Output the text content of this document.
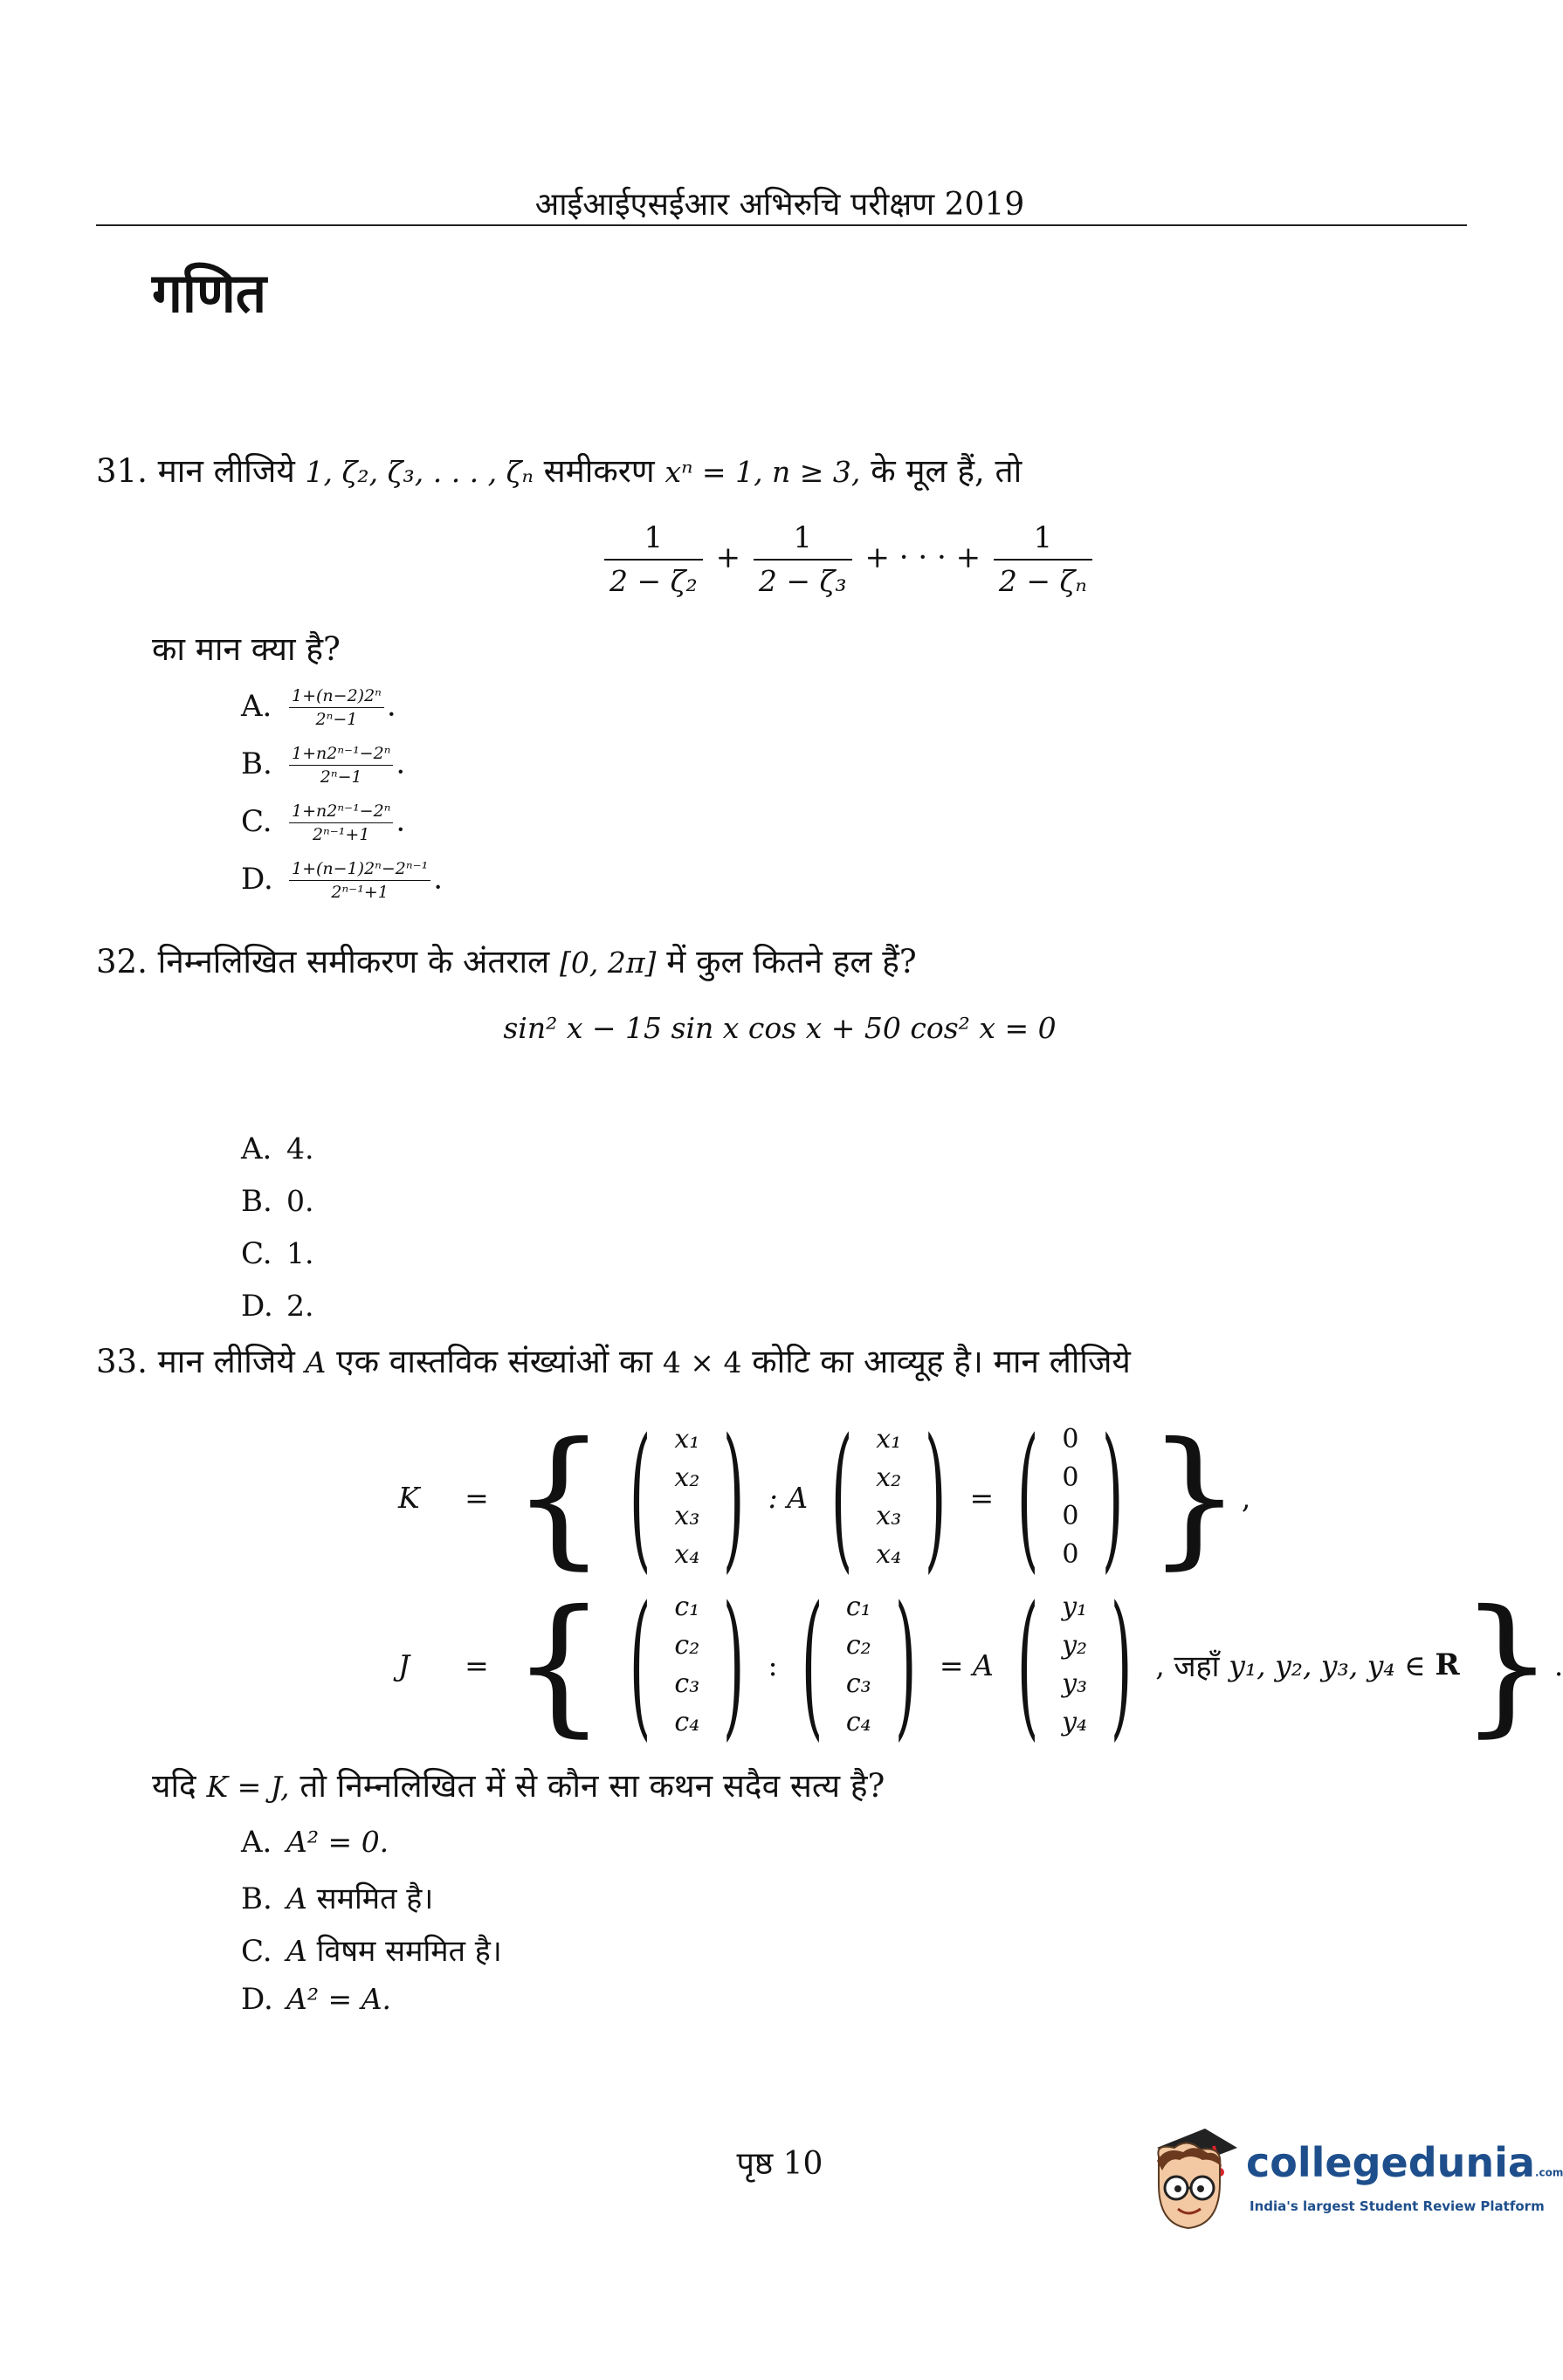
आईआईएसईआर अभिरुचि परीक्षण 2019
गणित
31. मान लीजिये 1, ζ₂, ζ₃, . . . , ζₙ समीकरण xⁿ = 1, n ≥ 3, के मूल हैं, तो
$\frac{1}{\text{2 − ζ₂}} + \frac{1}{\text{2 − ζ₃}}$ + · · · + $\frac{1}{\text{2 − ζₙ}}$
का मान क्या है?
A. $\frac{\text{1+(n−2)2ⁿ}}{\text{2ⁿ−1}}$ .
B. $\frac{\text{1+n2ⁿ⁻¹−2ⁿ}}{\text{2ⁿ−1}}$ .
C. $\frac{\text{1+n2ⁿ⁻¹−2ⁿ}}{\text{2ⁿ⁻¹+1}}$ .
D. $\frac{\text{1+(n−1)2ⁿ−2ⁿ⁻¹}}{\text{2ⁿ⁻¹+1}}$ .
32. निम्नलिखित समीकरण के अंतराल [0, 2π] में कुल कितने हल हैं?
sin² x − 15 sin x cos x + 50 cos² x = 0
A. 4.
B. 0.
C. 1.
D. 2.
33. मान लीजिये A एक वास्तविक संख्यांओं का 4 × 4 कोटि का आव्यूह है। मान लीजिये
K	= { ( x₁
x₂
x₃
x₄ ) : A ( x₁
x₂
x₃
x₄ ) = ( 0
0
0
0 ) } ,
J	= { ( c₁
c₂
c₃
c₄ ) : ( c₁
c₂
c₃
c₄ ) = A ( y₁
y₂
y₃
y₄ ) , जहाँ
y₁, y₂, y₃, y₄ ∈
R } .
यदि K = J, तो निम्नलिखित में से कौन सा कथन सदैव सत्य है?
A. A² = 0.
B. A सममित है।
C. A विषम सममित है।
D. A² = A.
पृष्ठ 10	collegedunia.com
India's largest Student Review Platform
